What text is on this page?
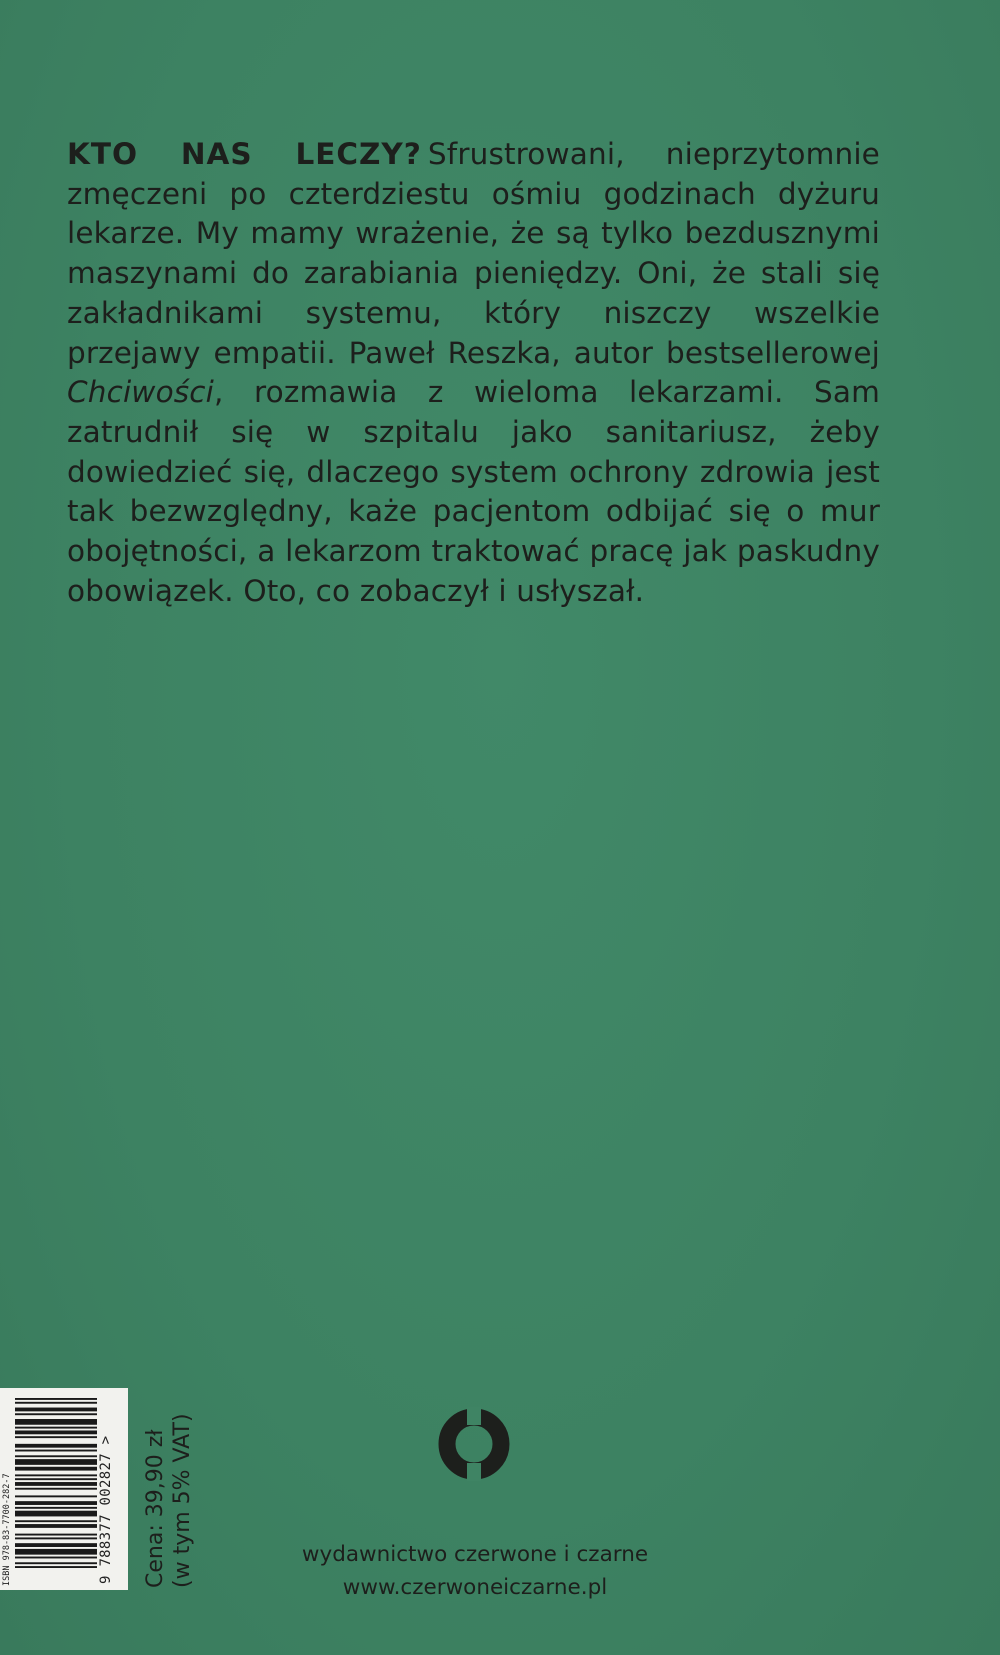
KTO NAS LECZY? Sfrustrowani, nieprzytomnie zmęczeni po czterdziestu ośmiu godzinach dyżuru lekarze. My mamy wrażenie, że są tylko bezdusznymi maszynami do zarabiania pieniędzy. Oni, że stali się zakładnikami systemu, który niszczy wszelkie przejawy empatii. Paweł Reszka, autor bestsellerowej Chciwości, rozmawia z wieloma lekarzami. Sam zatrudnił się w szpitalu jako sanitariusz, żeby dowiedzieć się, dlaczego system ochrony zdrowia jest tak bezwzględny, każe pacjentom odbijać się o mur obojętności, a lekarzom traktować pracę jak paskudny obowiązek. Oto, co zobaczył i usłyszał.
ISBN 978-83-7700-282-7	9 788377 002827 > Cena: 39,90 zł (w tym 5% VAT)	wydawnictwo czerwone i czarne
www.czerwoneiczarne.pl
